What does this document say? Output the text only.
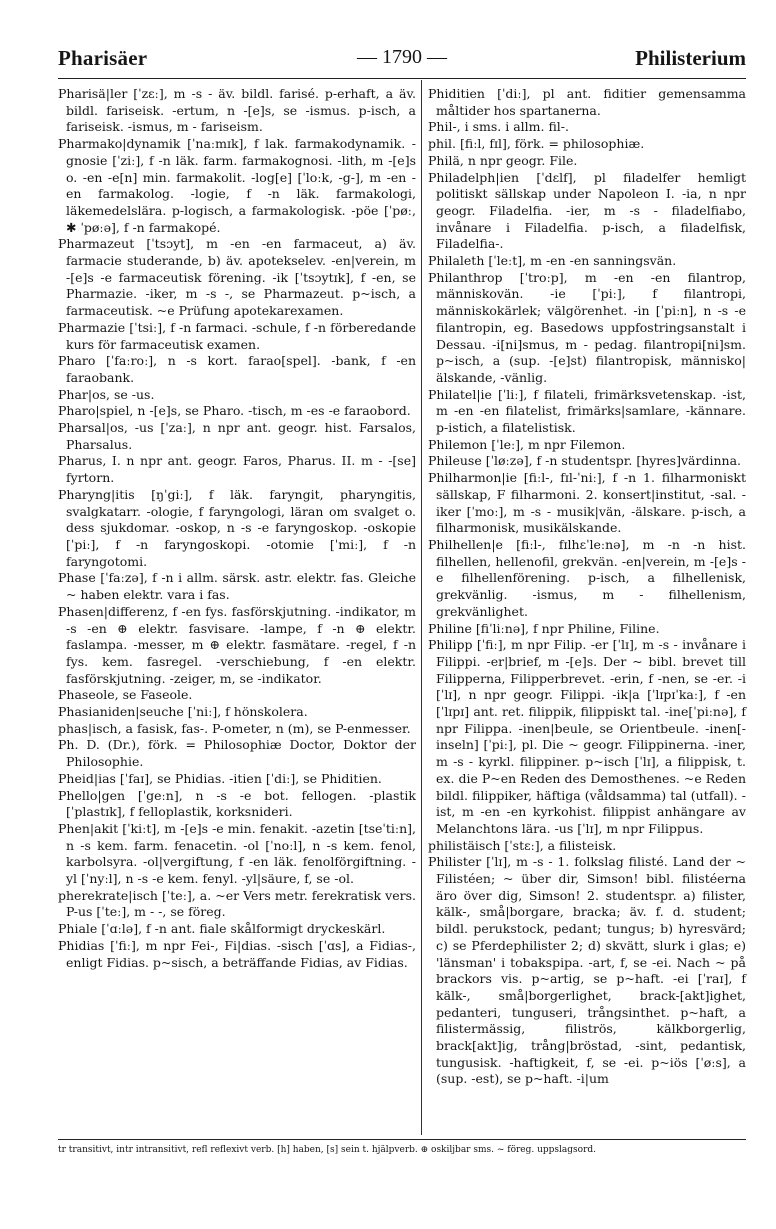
Pharisäer	— 1790 —	Philisterium
Pharisä|ler [ˈzɛː], m -s - äv. bildl. farisé. p-erhaft, a äv. bildl. fariseisk. -ertum, n -[e]s, se -ismus. p-isch, a fariseisk. -ismus, m - fariseism.
Pharmako|dynamik [ˈnaːmɪk], f lak. farmakodynamik. -gnosie [ˈziː], f -n läk. farm. farmakognosi. -lith, m -[e]s o. -en -e[n] min. farmakolit. -log[e] [ˈloːk, -g-], m -en -en farmakolog. -logie, f -n läk. farmakologi, läkemedelslära. p-logisch, a farmakologisk. -pöe [ˈpøː, ✱ ˈpøːə], f -n farmakopé.
Pharmazeut [ˈtsɔyt], m -en -en farmaceut, a) äv. farmacie studerande, b) äv. apotekselev. -en|verein, m -[e]s -e farmaceutisk förening. -ik [ˈtsɔytɪk], f -en, se Pharmazie. -iker, m -s -, se Pharmazeut. p~isch, a farmaceutisk. ~e Prüfung apotekarexamen.
Pharmazie [ˈtsiː], f -n farmaci. -schule, f -n förberedande kurs för farmaceutisk examen.
Pharo [ˈfaːroː], n -s kort. farao[spel]. -bank, f -en faraobank.
Phar|os, se -us.
Pharo|spiel, n -[e]s, se Pharo. -tisch, m -es -e faraobord.
Pharsal|os, -us [ˈzaː], n npr ant. geogr. hist. Farsalos, Pharsalus.
Pharus, I. n npr ant. geogr. Faros, Pharus. II. m - -[se] fyrtorn.
Pharyng|itis [ŋˈgiː], f läk. faryngit, pharyngitis, svalgkatarr. -ologie, f faryngologi, läran om svalget o. dess sjukdomar. -oskop, n -s -e faryngoskop. -oskopie [ˈpiː], f -n faryngoskopi. -otomie [ˈmiː], f -n faryngotomi.
Phase [ˈfaːzə], f -n i allm. särsk. astr. elektr. fas. Gleiche ~ haben elektr. vara i fas.
Phasen|differenz, f -en fys. fasförskjutning. -indikator, m -s -en ⊕ elektr. fasvisare. -lampe, f -n ⊕ elektr. faslampa. -messer, m ⊕ elektr. fasmätare. -regel, f -n fys. kem. fasregel. -verschiebung, f -en elektr. fasförskjutning. -zeiger, m, se -indikator.
Phaseole, se Faseole.
Phasianiden|seuche [ˈniː], f hönskolera.
phas|isch, a fasisk, fas-. P-ometer, n (m), se P-enmesser.
Ph. D. (Dr.), förk. = Philosophiæ Doctor, Doktor der Philosophie.
Pheid|ias [ˈfaɪ], se Phidias. -itien [ˈdiː], se Phiditien.
Phello|gen [ˈgeːn], n -s -e bot. fellogen. -plastik [ˈplastɪk], f felloplastik, korksnideri.
Phen|akit [ˈkiːt], m -[e]s -e min. fenakit. -azetin [tseˈtiːn], n -s kem. farm. fenacetin. -ol [ˈnoːl], n -s kem. fenol, karbolsyra. -ol|vergiftung, f -en läk. fenolförgiftning. -yl [ˈnyːl], n -s -e kem. fenyl. -yl|säure, f, se -ol.
pherekrate|isch [ˈteː], a. ~er Vers metr. ferekratisk vers. P-us [ˈteː], m - -, se föreg.
Phiale [ˈɑːlə], f -n ant. fiale skålformigt dryckeskärl.
Phidias [ˈfiː], m npr Fei-, Fi|dias. -sisch [ˈɑs], a Fidias-, enligt Fidias. p~sisch, a beträffande Fidias, av Fidias.
Phiditien [ˈdiː], pl ant. fiditier gemensamma måltider hos spartanerna.
Phil-, i sms. i allm. fil-.
phil. [fiːl, fɪl], förk. = philosophiæ.
Philä, n npr geogr. File.
Philadelph|ien [ˈdɛlf], pl filadelfer hemligt politiskt sällskap under Napoleon I. -ia, n npr geogr. Filadelfia. -ier, m -s - filadelfiabo, invånare i Filadelfia. p-isch, a filadelfisk, Filadelfia-.
Philaleth [ˈleːt], m -en -en sanningsvän.
Philanthrop [ˈtroːp], m -en -en filantrop, människovän. -ie [ˈpiː], f filantropi, människokärlek; välgörenhet. -in [ˈpiːn], n -s -e filantropin, eg. Basedows uppfostringsanstalt i Dessau. -i[ni]smus, m - pedag. filantropi[ni]sm. p~isch, a (sup. -[e]st) filantropisk, människo|älskande, -vänlig.
Philatel|ie [ˈliː], f filateli, frimärksvetenskap. -ist, m -en -en filatelist, frimärks|samlare, -kännare. p-istich, a filatelistisk.
Philemon [ˈleː], m npr Filemon.
Phileuse [ˈløːzə], f -n studentspr. [hyres]värdinna.
Philharmon|ie [fiːl-, fɪl-ˈniː], f -n 1. filharmoniskt sällskap, F filharmoni. 2. konsert|institut, -sal. -iker [ˈmoː], m -s - musik|vän, -älskare. p-isch, a filharmonisk, musikälskande.
Philhellen|e [fiːl-, fɪlhɛˈleːnə], m -n -n hist. filhellen, hellenofil, grekvän. -en|verein, m -[e]s -e filhellenförening. p-isch, a filhellenisk, grekvänlig. -ismus, m - filhellenism, grekvänlighet.
Philine [fiˈliːnə], f npr Philine, Filine.
Philipp [ˈfiː], m npr Filip. -er [ˈlɪ], m -s - invånare i Filippi. -er|brief, m -[e]s. Der ~ bibl. brevet till Filipperna, Filipperbrevet. -erin, f -nen, se -er. -i [ˈlɪ], n npr geogr. Filippi. -ik|a [ˈlɪpɪˈkaː], f -en [ˈlɪpɪ] ant. ret. filippik, filippiskt tal. -ine[ˈpiːnə], f npr Filippa. -inen|beule, se Orientbeule. -inen[-inseln] [ˈpiː], pl. Die ~ geogr. Filippinerna. -iner, m -s - kyrkl. filippiner. p~isch [ˈlɪ], a filippisk, t. ex. die P~en Reden des Demosthenes. ~e Reden bildl. filippiker, häftiga (våldsamma) tal (utfall). -ist, m -en -en kyrkohist. filippist anhängare av Melanchtons lära. -us [ˈlɪ], m npr Filippus.
philistäisch [ˈstɛː], a filisteisk.
Philister [ˈlɪ], m -s - 1. folkslag filisté. Land der ~ Filistéen; ~ über dir, Simson! bibl. filistéerna äro över dig, Simson! 2. studentspr. a) filister, kälk-, små|borgare, bracka; äv. f. d. student; bildl. perukstock, pedant; tungus; b) hyresvärd; c) se Pferdephilister 2; d) skvätt, slurk i glas; e) 'länsman' i tobakspipa. -art, f, se -ei. Nach ~ på brackors vis. p~artig, se p~haft. -ei [ˈraɪ], f kälk-, små|borgerlighet, brack-[akt]ighet, pedanteri, tunguseri, trångsinthet. p~haft, a filistermässig, filiströs, kälkborgerlig, brack[akt]ig, trång|bröstad, -sint, pedantisk, tungusisk. -haftigkeit, f, se -ei. p~iös [ˈøːs], a (sup. -est), se p~haft. -i|um
tr transitivt, intr intransitivt, refl reflexivt verb. [h] haben, [s] sein t. hjälpverb. ⊕ oskiljbar sms. ~ föreg. uppslagsord.
